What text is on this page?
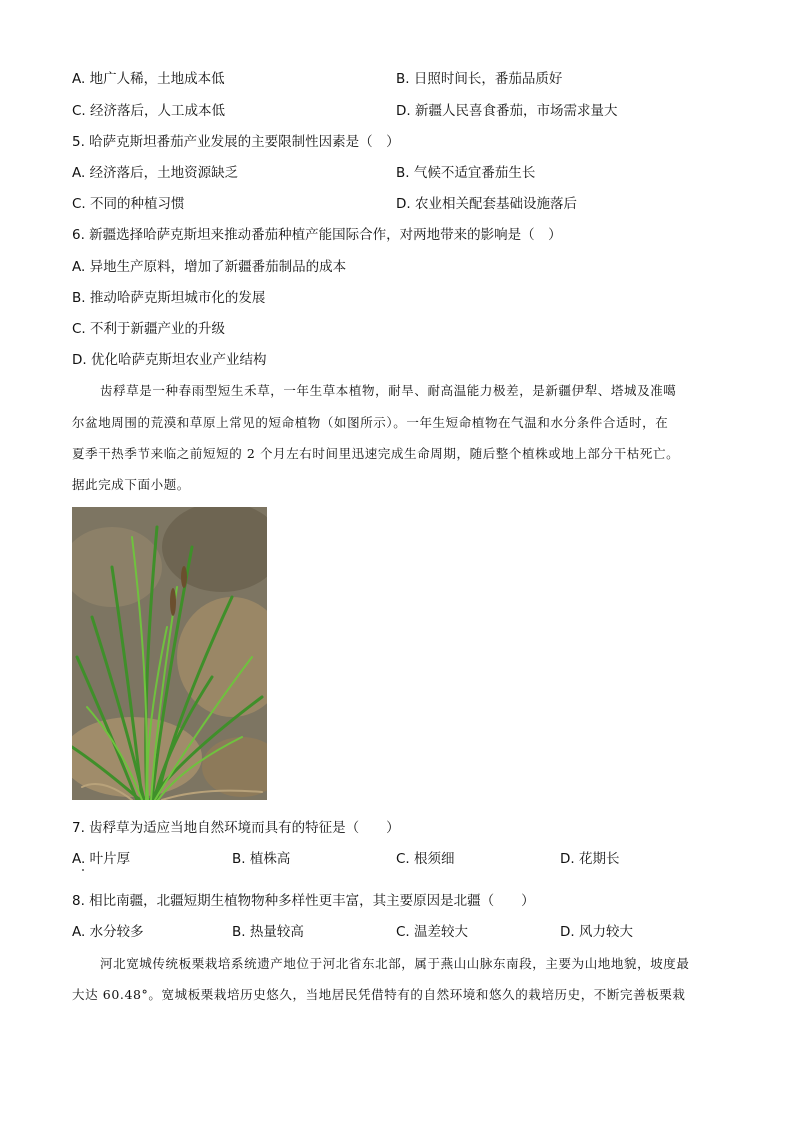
A. 地广人稀，土地成本低	B. 日照时间长，番茄品质好
C. 经济落后，人工成本低	D. 新疆人民喜食番茄，市场需求量大
5. 哈萨克斯坦番茄产业发展的主要限制性因素是（　）
A. 经济落后，土地资源缺乏	B. 气候不适宜番茄生长
C. 不同的种植习惯	D. 农业相关配套基础设施落后
6. 新疆选择哈萨克斯坦来推动番茄种植产能国际合作，对两地带来的影响是（　）
A. 异地生产原料，增加了新疆番茄制品的成本
B. 推动哈萨克斯坦城市化的发展
C. 不利于新疆产业的升级
D. 优化哈萨克斯坦农业产业结构
齿稃草是一种春雨型短生禾草，一年生草本植物，耐旱、耐高温能力极差，是新疆伊犁、塔城及准噶
尔盆地周围的荒漠和草原上常见的短命植物（如图所示）。一年生短命植物在气温和水分条件合适时，在
夏季干热季节来临之前短短的 2 个月左右时间里迅速完成生命周期，随后整个植株或地上部分干枯死亡。
据此完成下面小题。
7. 齿稃草为适应当地自然环境而具有的特征是（　　）
A. 叶片厚	B. 植株高	C. 根须细	D. 花期长
8. 相比南疆，北疆短期生植物物种多样性更丰富，其主要原因是北疆（　　）
A. 水分较多	B. 热量较高	C. 温差较大	D. 风力较大
河北宽城传统板栗栽培系统遗产地位于河北省东北部，属于燕山山脉东南段，主要为山地地貌，坡度最
大达 60.48°。宽城板栗栽培历史悠久，当地居民凭借特有的自然环境和悠久的栽培历史，不断完善板栗栽
